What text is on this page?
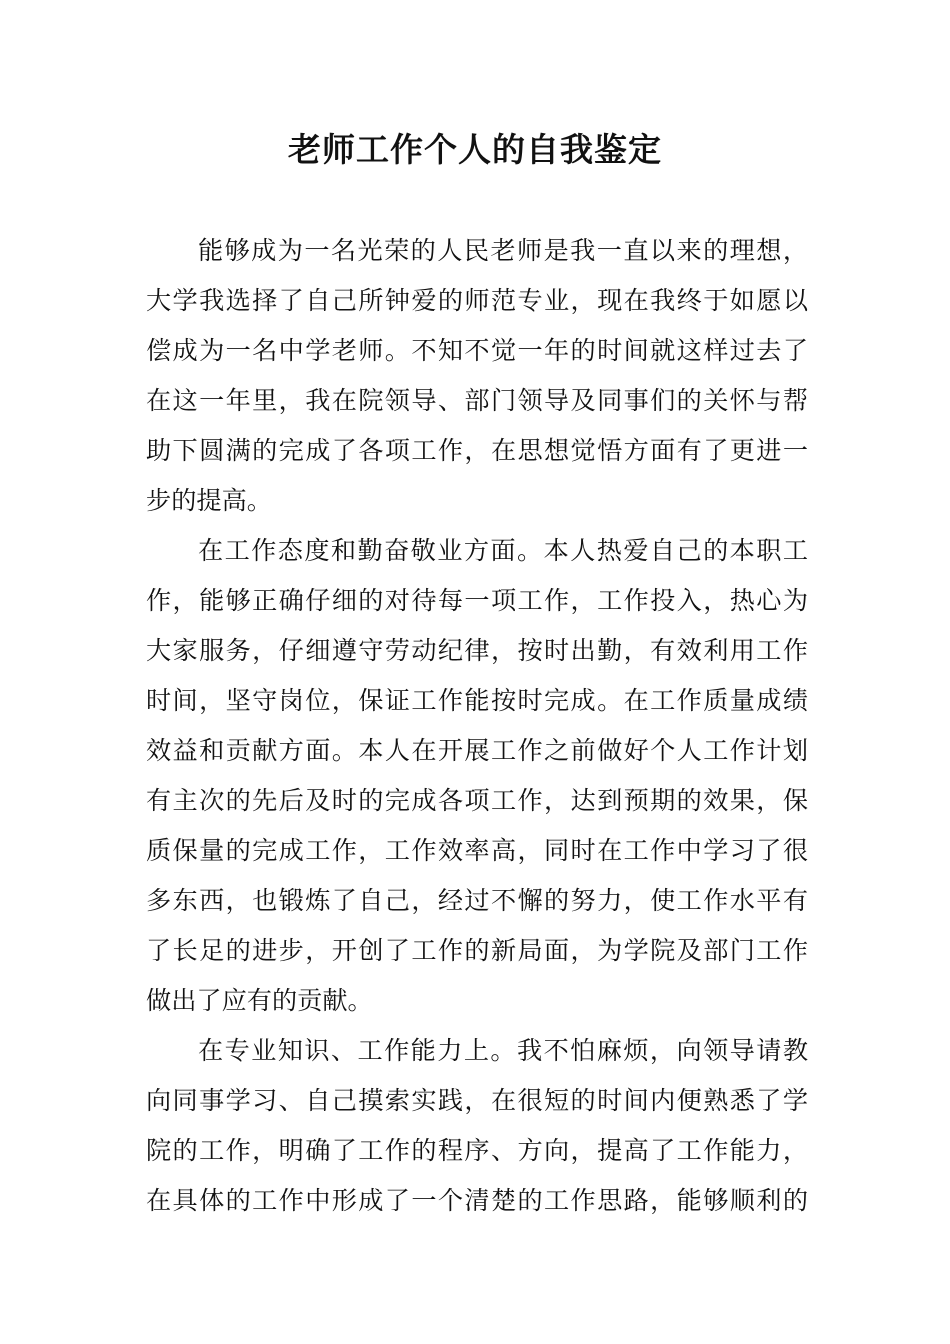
老师工作个人的自我鉴定
能够成为一名光荣的人民老师是我一直以来的理想，
大学我选择了自己所钟爱的师范专业，现在我终于如愿以
偿成为一名中学老师。不知不觉一年的时间就这样过去了
在这一年里，我在院领导、部门领导及同事们的关怀与帮
助下圆满的完成了各项工作，在思想觉悟方面有了更进一
步的提高。
在工作态度和勤奋敬业方面。本人热爱自己的本职工
作，能够正确仔细的对待每一项工作，工作投入，热心为
大家服务，仔细遵守劳动纪律，按时出勤，有效利用工作
时间，坚守岗位，保证工作能按时完成。在工作质量成绩
效益和贡献方面。本人在开展工作之前做好个人工作计划
有主次的先后及时的完成各项工作，达到预期的效果，保
质保量的完成工作，工作效率高，同时在工作中学习了很
多东西，也锻炼了自己，经过不懈的努力，使工作水平有
了长足的进步，开创了工作的新局面，为学院及部门工作
做出了应有的贡献。
在专业知识、工作能力上。我不怕麻烦，向领导请教
向同事学习、自己摸索实践，在很短的时间内便熟悉了学
院的工作，明确了工作的程序、方向，提高了工作能力，
在具体的工作中形成了一个清楚的工作思路，能够顺利的
